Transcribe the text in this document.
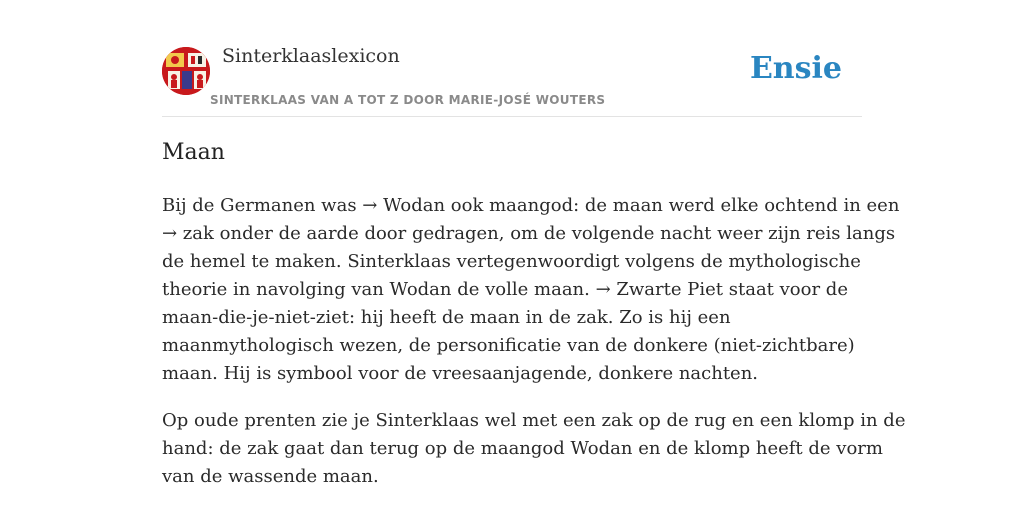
Sinterklaaslexicon
SINTERKLAAS VAN A TOT Z DOOR MARIE-JOSÉ WOUTERS
Ensie
Maan

Bij de Germanen was → Wodan ook maangod: de maan werd elke ochtend in een
→ zak onder de aarde door gedragen, om de volgende nacht weer zijn reis langs
de hemel te maken. Sinterklaas vertegenwoordigt volgens de mythologische
theorie in navolging van Wodan de volle maan. → Zwarte Piet staat voor de
maan-die-je-niet-ziet: hij heeft de maan in de zak. Zo is hij een
maanmythologisch wezen, de personificatie van de donkere (niet-zichtbare)
maan. Hij is symbool voor de vreesaanjagende, donkere nachten.

Op oude prenten zie je Sinterklaas wel met een zak op de rug en een klomp in de
hand: de zak gaat dan terug op de maangod Wodan en de klomp heeft de vorm
van de wassende maan.
